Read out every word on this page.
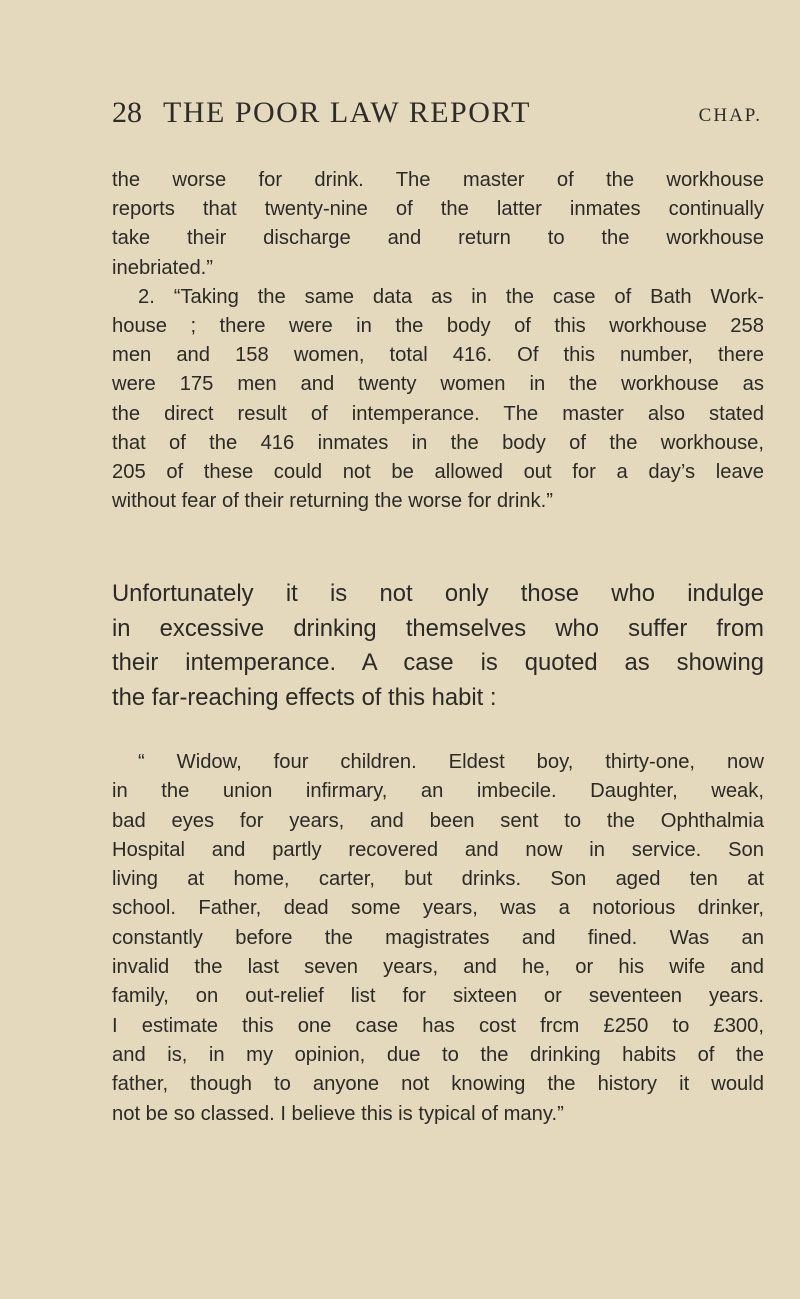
28 THE POOR LAW REPORT	CHAP.
the worse for drink. The master of the workhouse
reports that twenty-nine of the latter inmates continually
take their discharge and return to the workhouse
inebriated.”
2. “Taking the same data as in the case of Bath Work-
house ; there were in the body of this workhouse 258
men and 158 women, total 416. Of this number, there
were 175 men and twenty women in the workhouse as
the direct result of intemperance. The master also stated
that of the 416 inmates in the body of the workhouse,
205 of these could not be allowed out for a day’s leave
without fear of their returning the worse for drink.”
Unfortunately it is not only those who indulge
in excessive drinking themselves who suffer from
their intemperance. A case is quoted as showing
the far-reaching effects of this habit :
“ Widow, four children. Eldest boy, thirty-one, now
in the union infirmary, an imbecile. Daughter, weak,
bad eyes for years, and been sent to the Ophthalmia
Hospital and partly recovered and now in service. Son
living at home, carter, but drinks. Son aged ten at
school. Father, dead some years, was a notorious drinker,
constantly before the magistrates and fined. Was an
invalid the last seven years, and he, or his wife and
family, on out-relief list for sixteen or seventeen years.
I estimate this one case has cost frcm £250 to £300,
and is, in my opinion, due to the drinking habits of the
father, though to anyone not knowing the history it would
not be so classed. I believe this is typical of many.”
